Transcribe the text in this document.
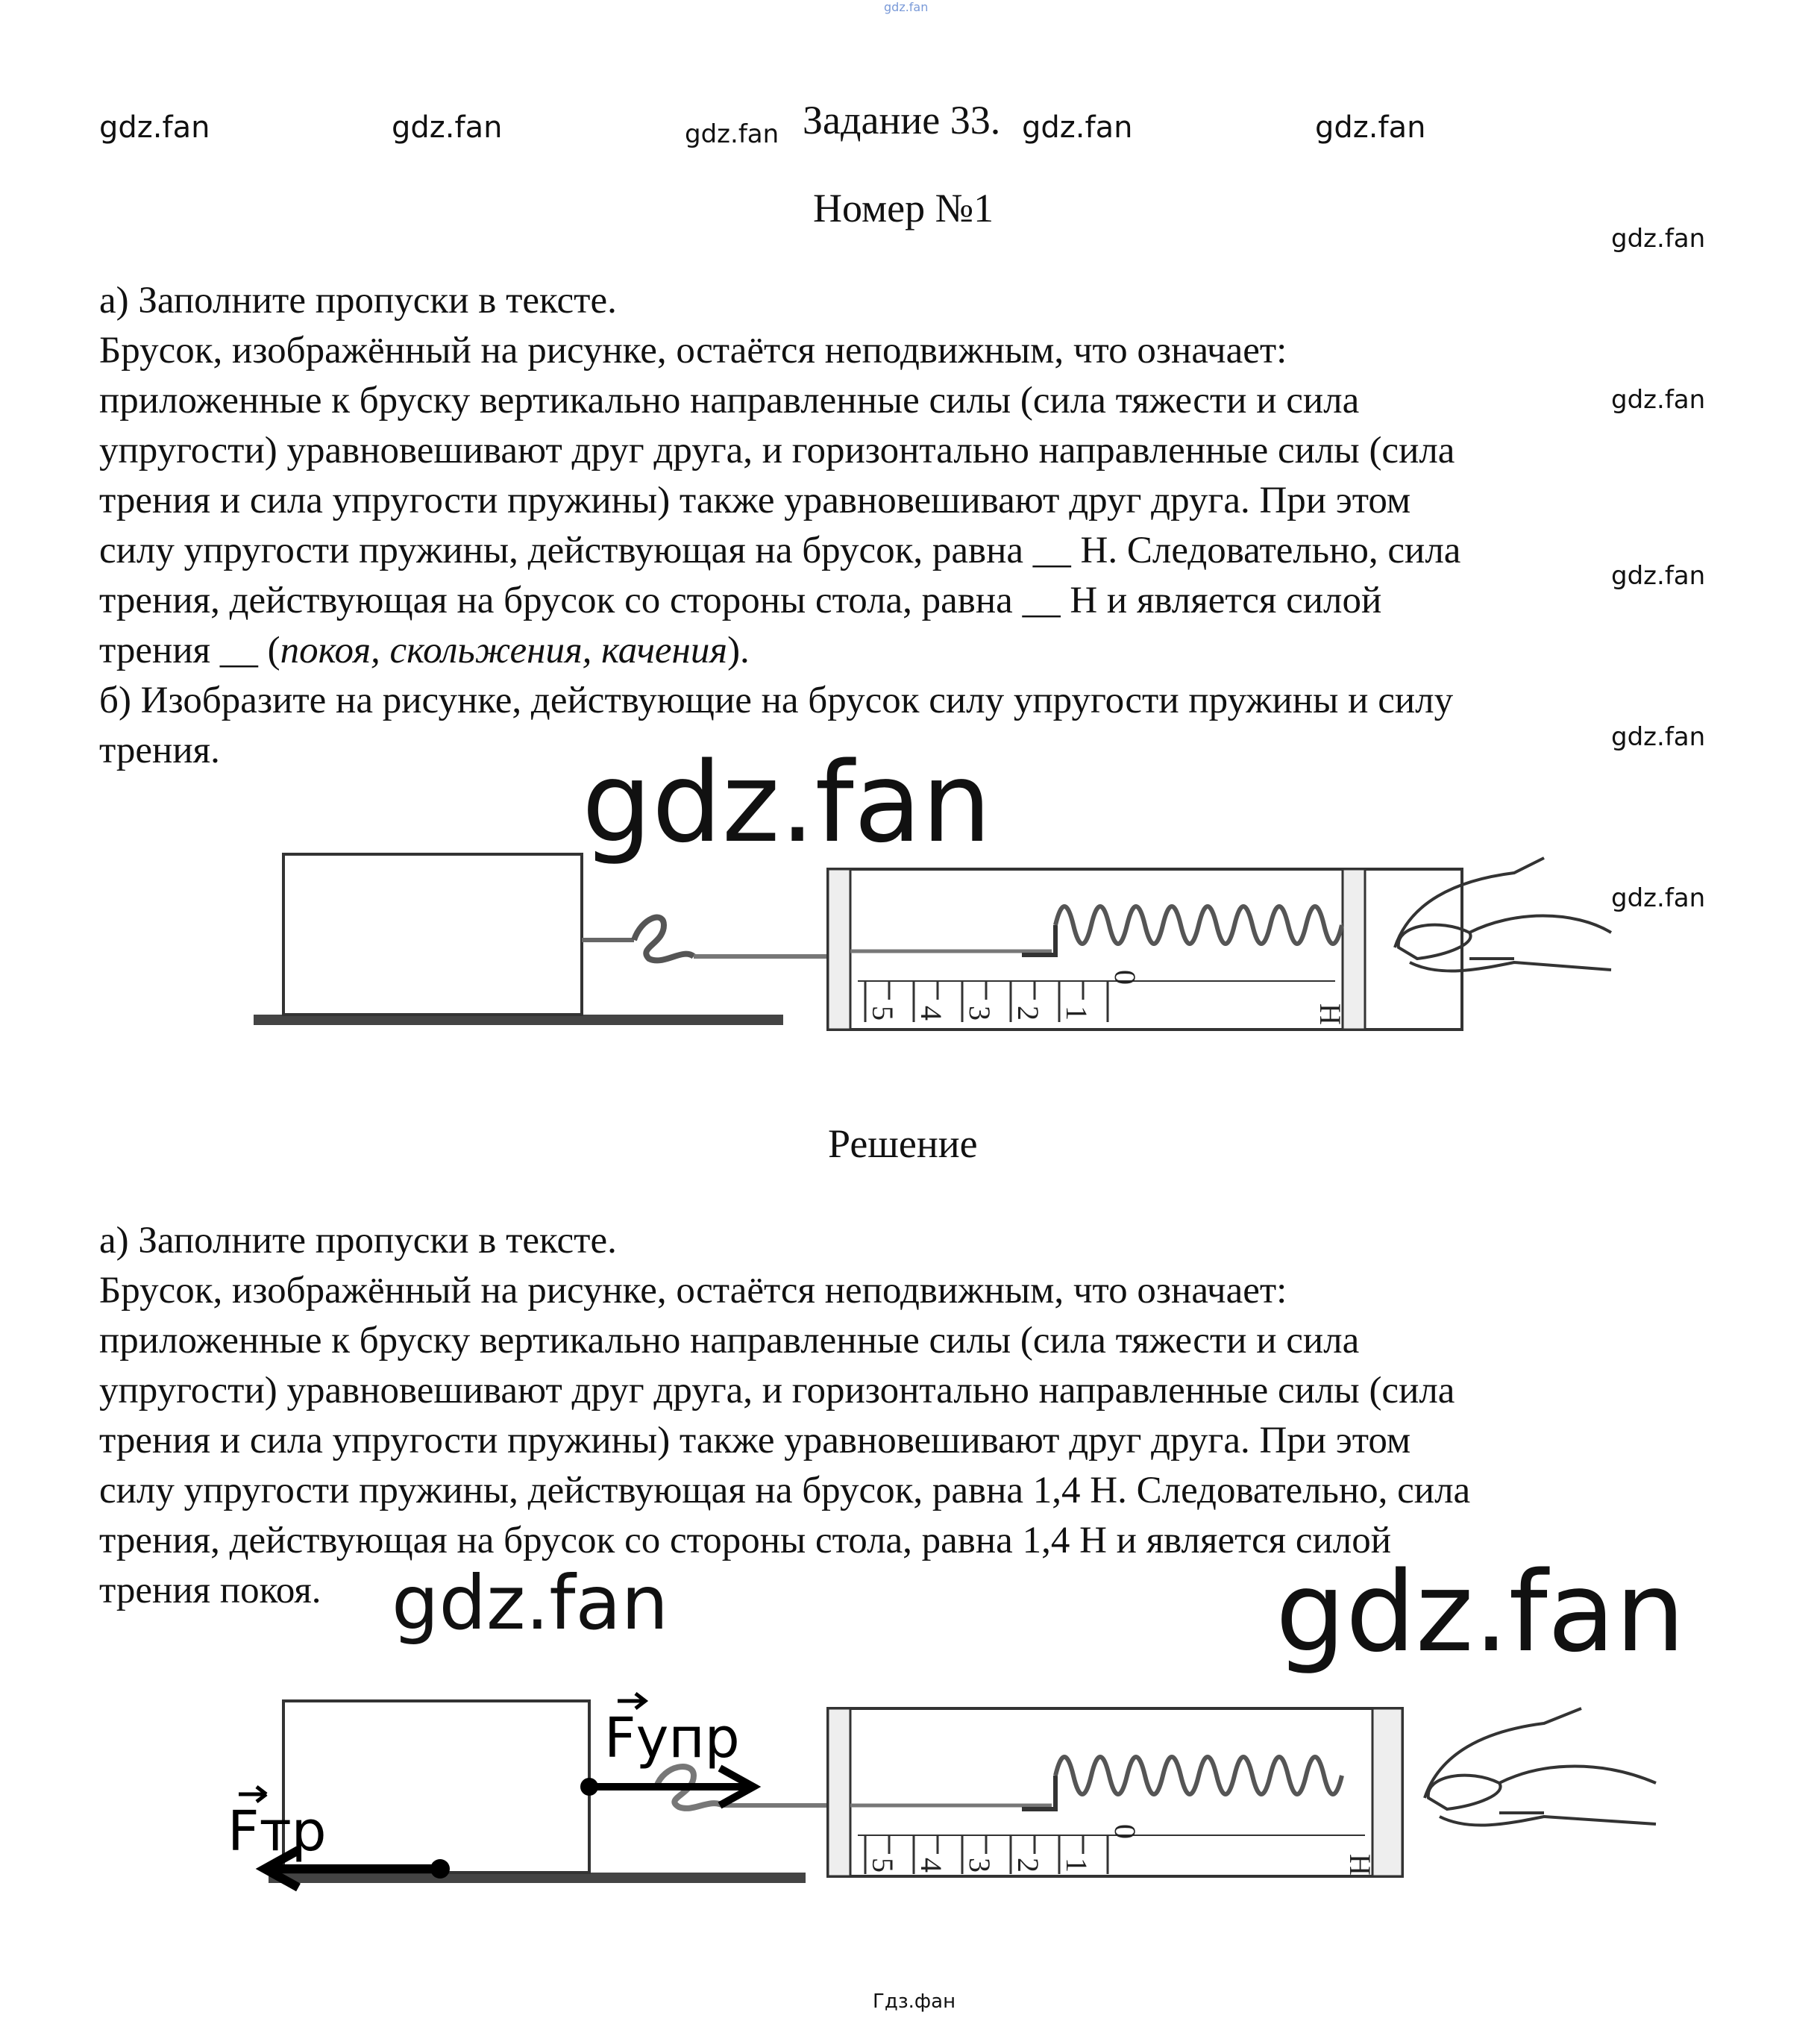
gdz.fan
gdz.fan	gdz.fan	gdz.fan	gdz.fan	gdz.fan
gdz.fan
gdz.fan
gdz.fan
gdz.fan
gdz.fan
Задание 33.
Номер №1

а) Заполните пропуски в тексте.

Брусок, изображённый на рисунке, остаётся неподвижным, что означает:

приложенные к бруску вертикально направленные силы (сила тяжести и сила

упругости) уравновешивают друг друга, и горизонтально направленные силы (сила

трения и сила упругости пружины) также уравновешивают друг друга. При этом

силу упругости пружины, действующая на брусок, равна __ Н. Следовательно, сила

трения, действующая на брусок со стороны стола, равна __ Н и является силой

трения __ (покоя, скольжения, качения).

б) Изобразите на рисунке, действующие на брусок силу упругости пружины и силу

трения.	gdz.fan
5 4 3 2 1
0
Н
Решение

а) Заполните пропуски в тексте.

Брусок, изображённый на рисунке, остаётся неподвижным, что означает:

приложенные к бруску вертикально направленные силы (сила тяжести и сила

упругости) уравновешивают друг друга, и горизонтально направленные силы (сила

трения и сила упругости пружины) также уравновешивают друг друга. При этом

силу упругости пружины, действующая на брусок, равна 1,4 Н. Следовательно, сила

трения, действующая на брусок со стороны стола, равна 1,4 Н и является силой

трения покоя. gdz.fan	gdz.fan
5 4 3 2 1
0
Н
Fупр
Fтр
Гдз.фан
